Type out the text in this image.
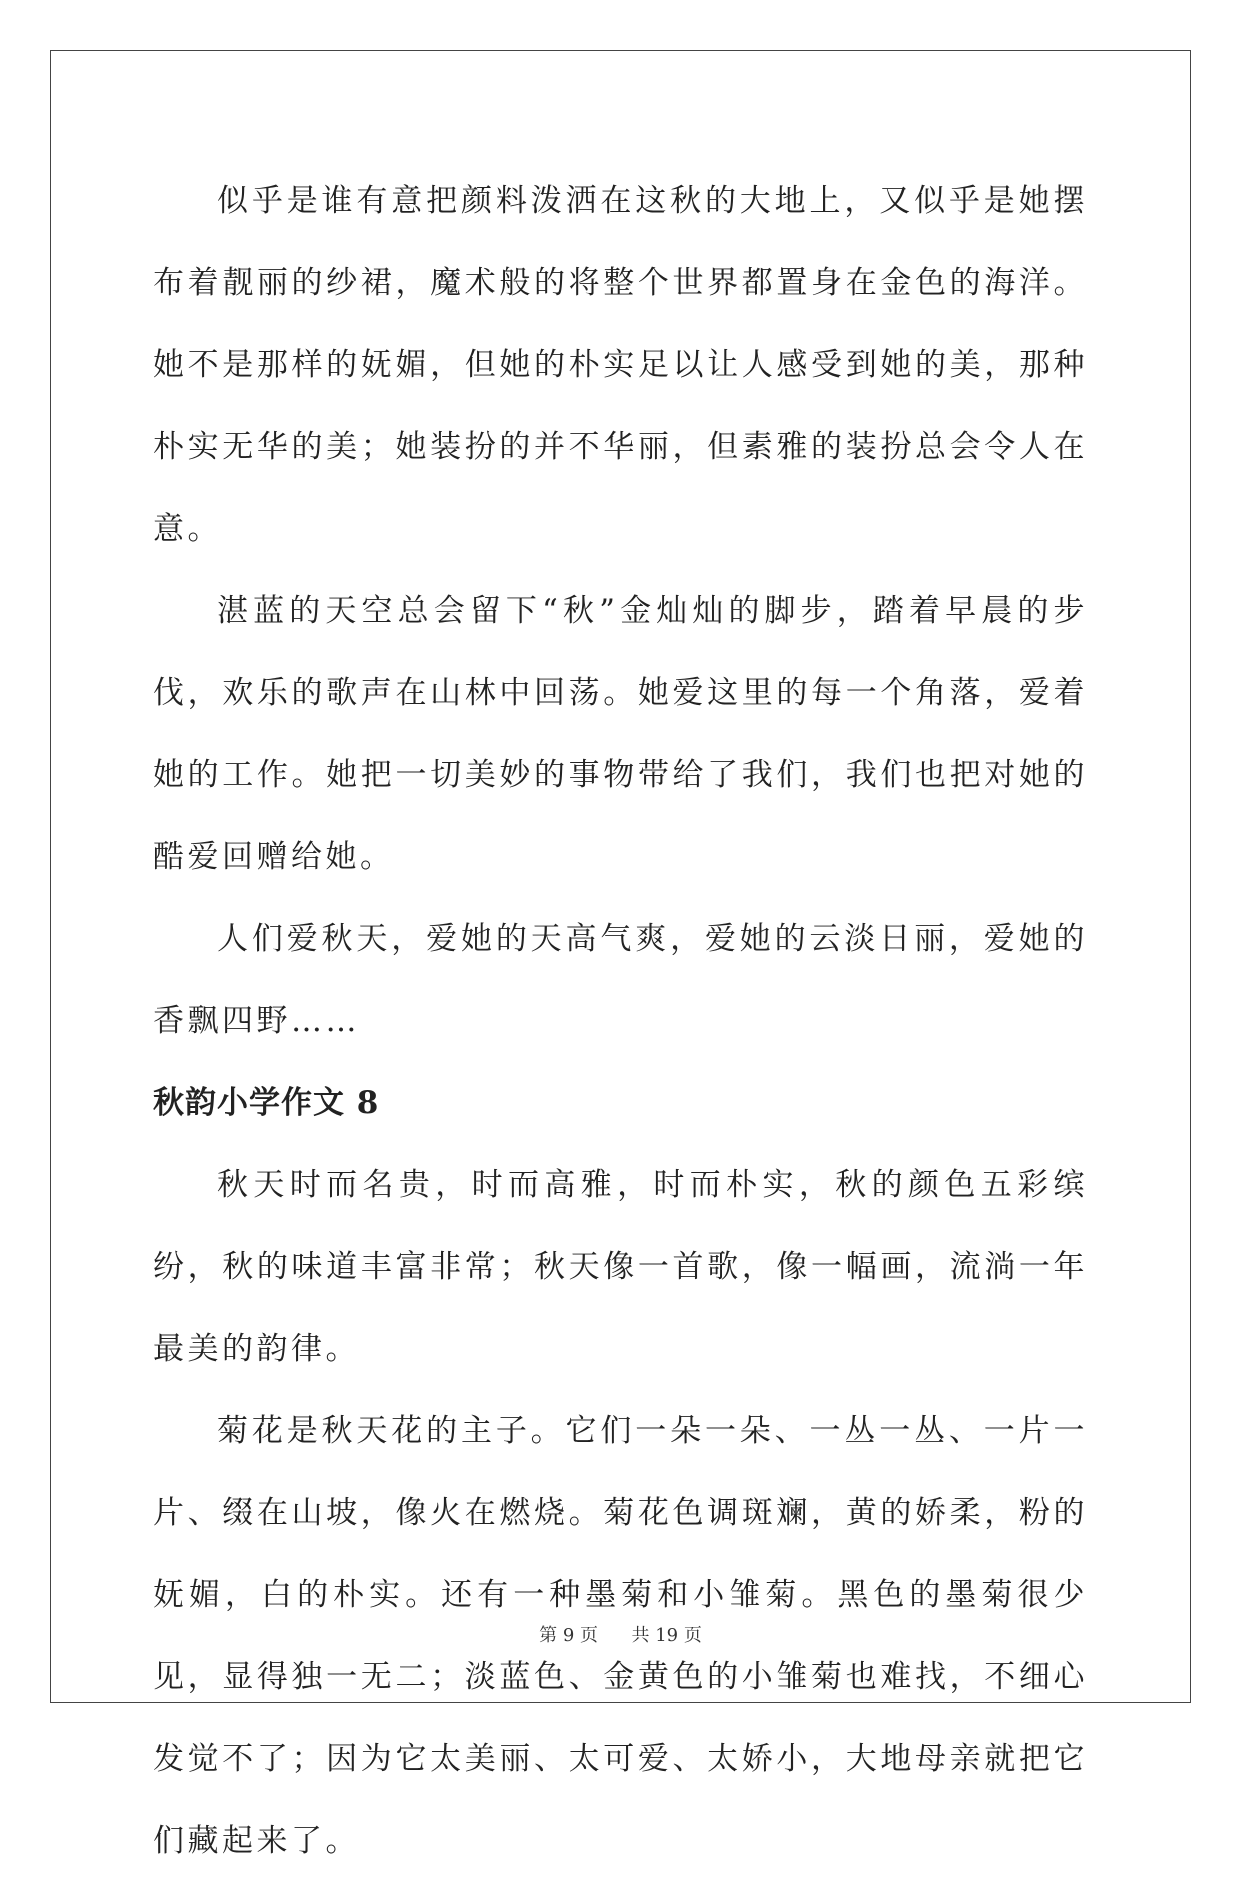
似乎是谁有意把颜料泼洒在这秋的大地上，又似乎是她摆布着靓丽的纱裙，魔术般的将整个世界都置身在金色的海洋。她不是那样的妩媚，但她的朴实足以让人感受到她的美，那种朴实无华的美；她装扮的并不华丽，但素雅的装扮总会令人在意。

湛蓝的天空总会留下“秋”金灿灿的脚步，踏着早晨的步伐，欢乐的歌声在山林中回荡。她爱这里的每一个角落，爱着她的工作。她把一切美妙的事物带给了我们，我们也把对她的酷爱回赠给她。

人们爱秋天，爱她的天高气爽，爱她的云淡日丽，爱她的香飘四野……

秋韵小学作文 8

秋天时而名贵，时而高雅，时而朴实，秋的颜色五彩缤纷，秋的味道丰富非常；秋天像一首歌，像一幅画，流淌一年最美的韵律。

菊花是秋天花的主子。它们一朵一朵、一丛一丛、一片一片、缀在山坡，像火在燃烧。菊花色调斑斓，黄的娇柔，粉的妩媚，白的朴实。还有一种墨菊和小雏菊。黑色的墨菊很少见，显得独一无二；淡蓝色、金黄色的小雏菊也难找，不细心发觉不了；因为它太美丽、太可爱、太娇小，大地母亲就把它们藏起来了。

第 9 页 共 19 页
